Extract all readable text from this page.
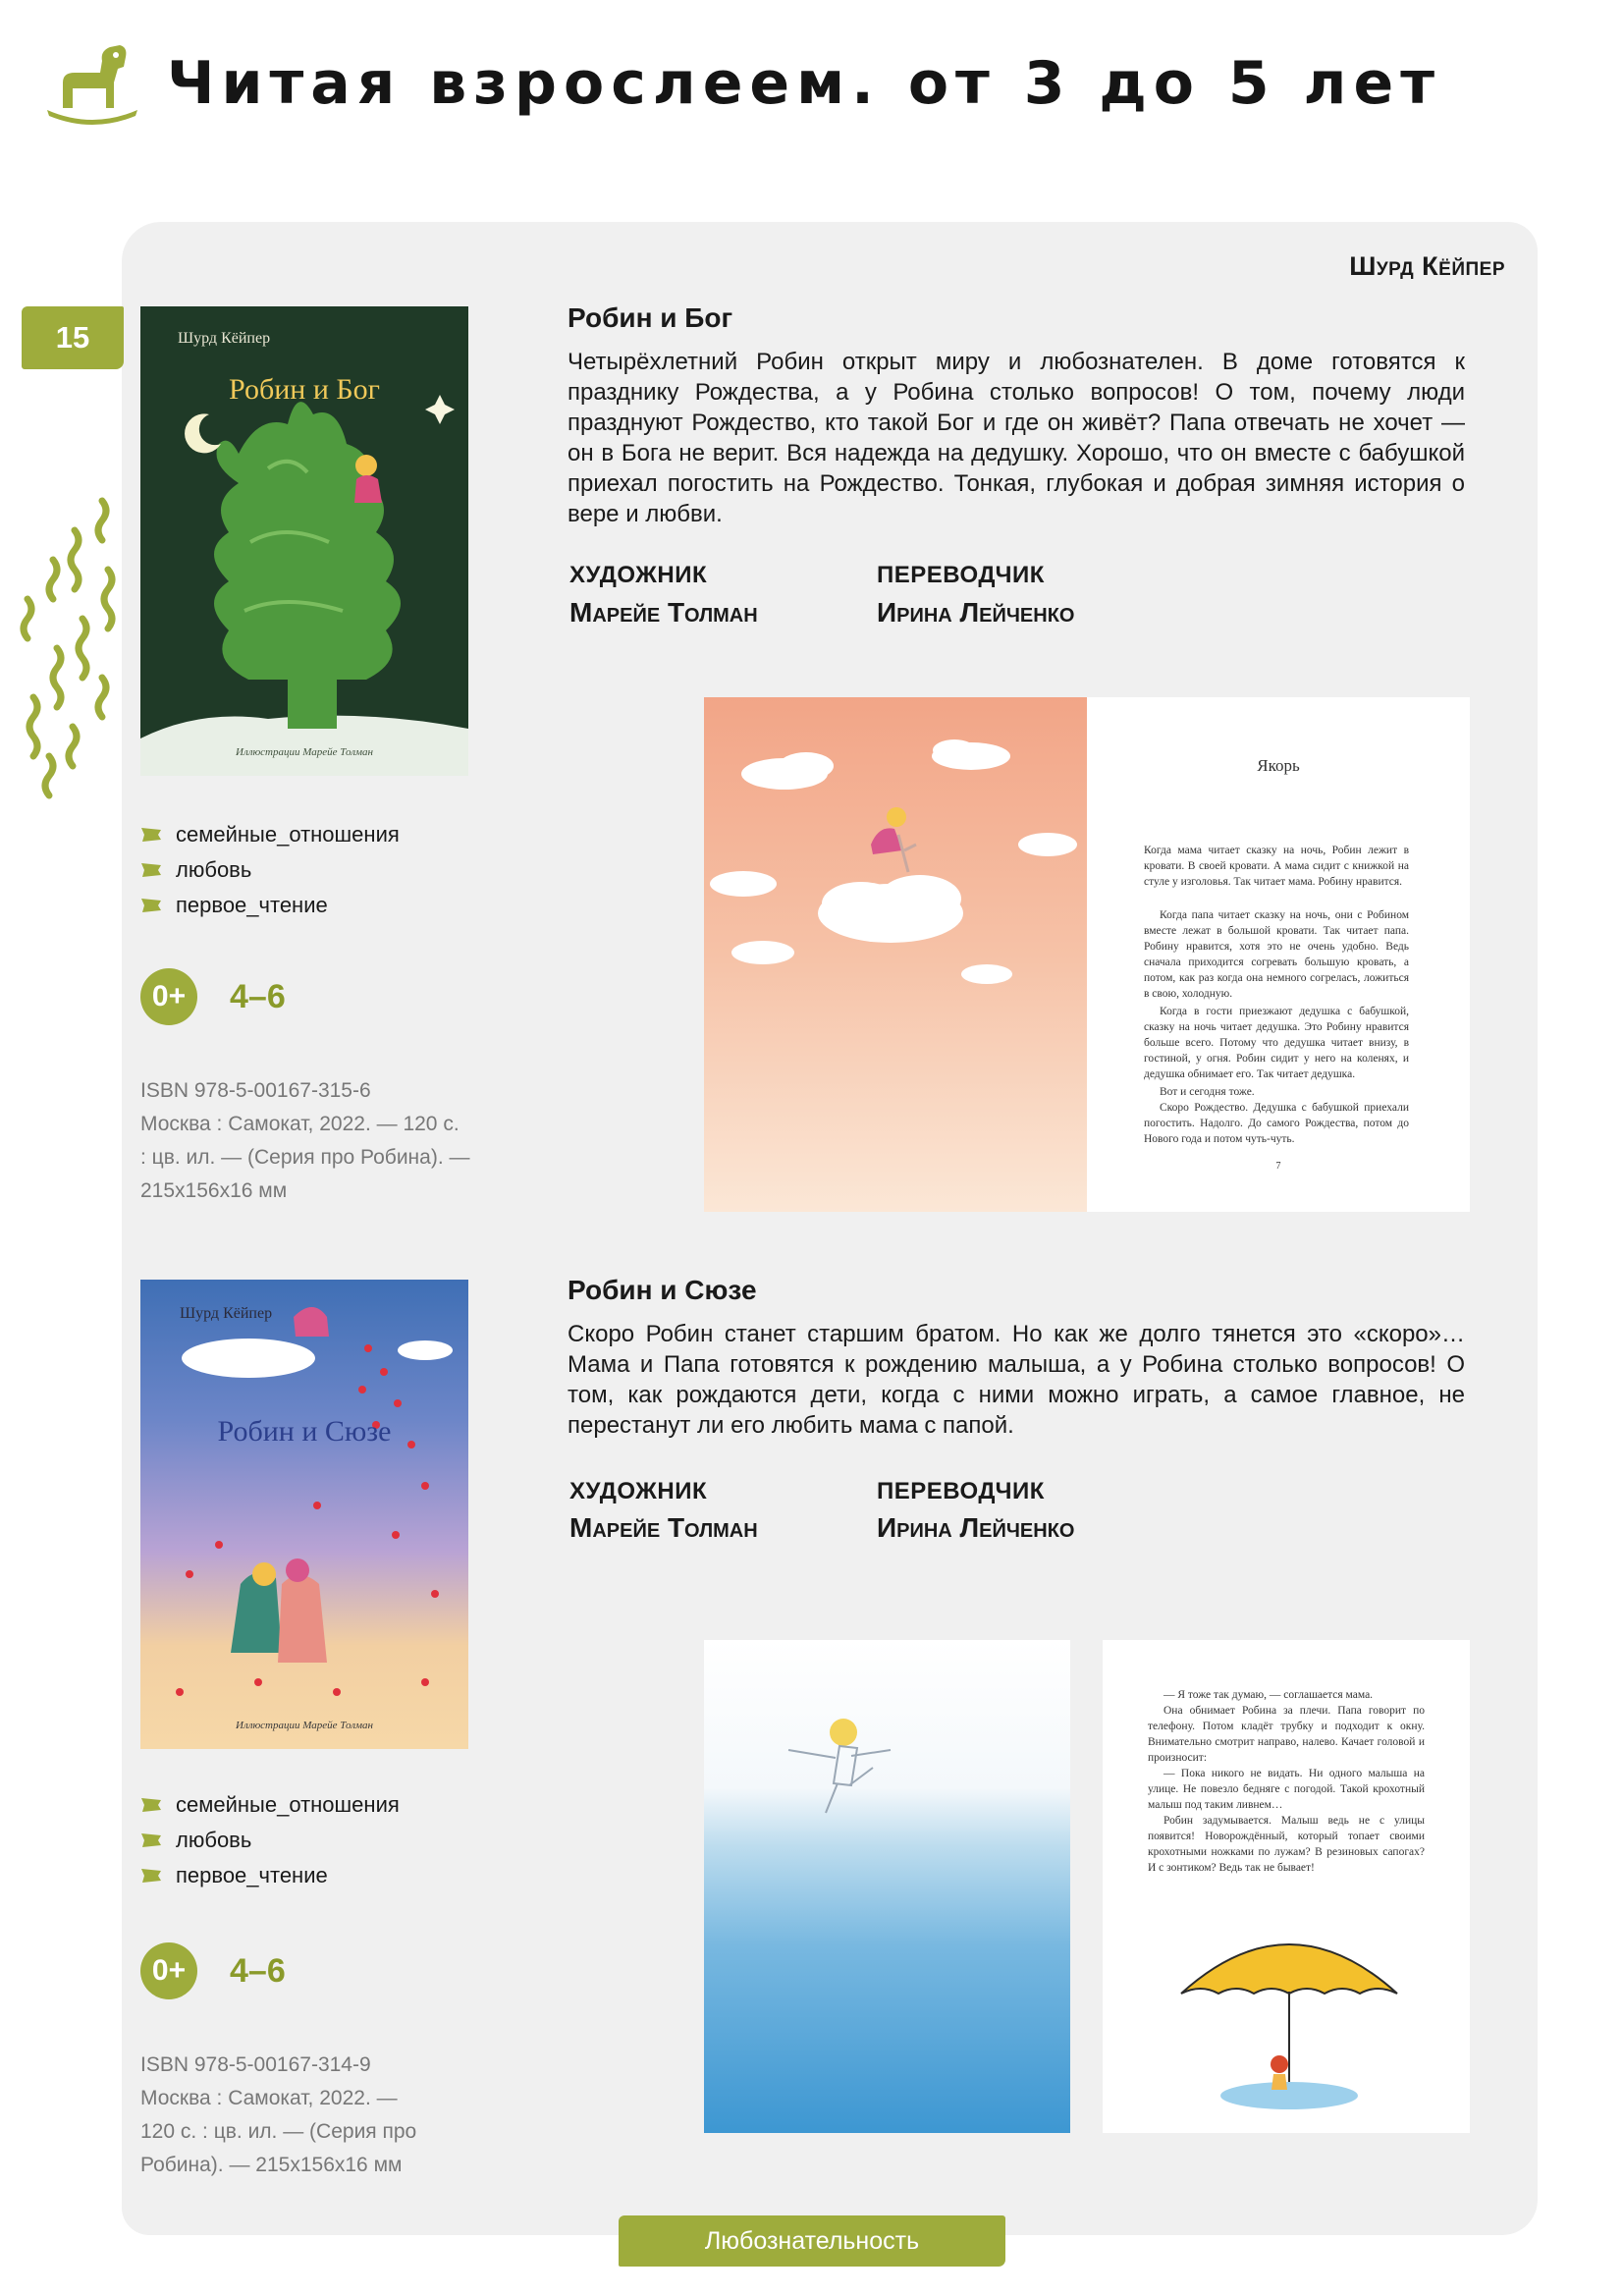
Читая взрослеем. от 3 до 5 лет
15
Шурд Кёйпер
Шурд Кёйпер
Робин и Бог
Иллюстрации Марейе Толман
Робин и Бог

Четырёхлетний Робин открыт миру и любознателен. В доме готовятся к празднику Рождества, а у Робина столько вопросов! О том, почему люди празднуют Рождество, кто такой Бог и где он живёт? Папа отвечать не хочет — он в Бога не верит. Вся надежда на дедушку. Хорошо, что он вместе с бабушкой приехал погостить на Рождество. Тонкая, глубокая и добрая зимняя история о вере и любви.

ХУДОЖНИК
Марейе Толман
ПЕРЕВОДЧИК
Ирина Лейченко
семейные_отношения
любовь
первое_чтение
0+	4–6

ISBN 978-5-00167-315-6

Москва : Самокат, 2022. — 120 с.

: цв. ил. — (Серия про Робина). —

215х156х16 мм

Якорь

Когда мама читает сказку на ночь, Робин лежит в кровати. В своей кровати. А мама сидит с книжкой на стуле у изголовья. Так читает мама. Робину нравится.

Когда папа читает сказку на ночь, они с Робином вместе лежат в большой кровати. Так читает папа. Робину нравится, хотя это не очень удобно. Ведь сначала приходится согревать большую кровать, а потом, как раз когда она немного согреласъ, ложиться в свою, холодную.

Когда в гости приезжают дедушка с бабушкой, сказку на ночь читает дедушка. Это Робину нравится больше всего. Потому что дедушка читает внизу, в гостиной, у огня. Робин сидит у него на коленях, и дедушка обнимает его. Так читает дедушка.

Вот и сегодня тоже.

Скоро Рождество. Дедушка с бабушкой приехали погостить. Надолго. До самого Рождества, потом до Нового года и потом чуть-чуть.

7
Шурд Кёйпер
Робин и Сюзе
Иллюстрации Марейе Толман
Робин и Сюзе

Скоро Робин станет старшим братом. Но как же долго тянется это «скоро»… Мама и Папа готовятся к рождению малыша, а у Робина столько вопросов! О том, как рождаются дети, когда с ними можно играть, а самое главное, не перестанут ли его любить мама с папой.

ХУДОЖНИК
Марейе Толман
ПЕРЕВОДЧИК
Ирина Лейченко
семейные_отношения
любовь
первое_чтение
0+	4–6

ISBN 978-5-00167-314-9

Москва : Самокат, 2022. —

120 с. : цв. ил. — (Серия про

Робина). — 215х156х16 мм

— Я тоже так думаю, — соглашается мама.

Она обнимает Робина за плечи. Папа говорит по телефону. Потом кладёт трубку и подходит к окну. Внимательно смотрит направо, налево. Качает головой и произносит:

— Пока никого не видать. Ни одного малыша на улице. Не повезло бедняге с погодой. Такой крохотный малыш под таким ливнем…

Робин задумывается. Малыш ведь не с улицы появится! Новорождённый, который топает своими крохотными ножками по лужам? В резиновых сапогах? И с зонтиком? Ведь так не бывает!

Любознательность
